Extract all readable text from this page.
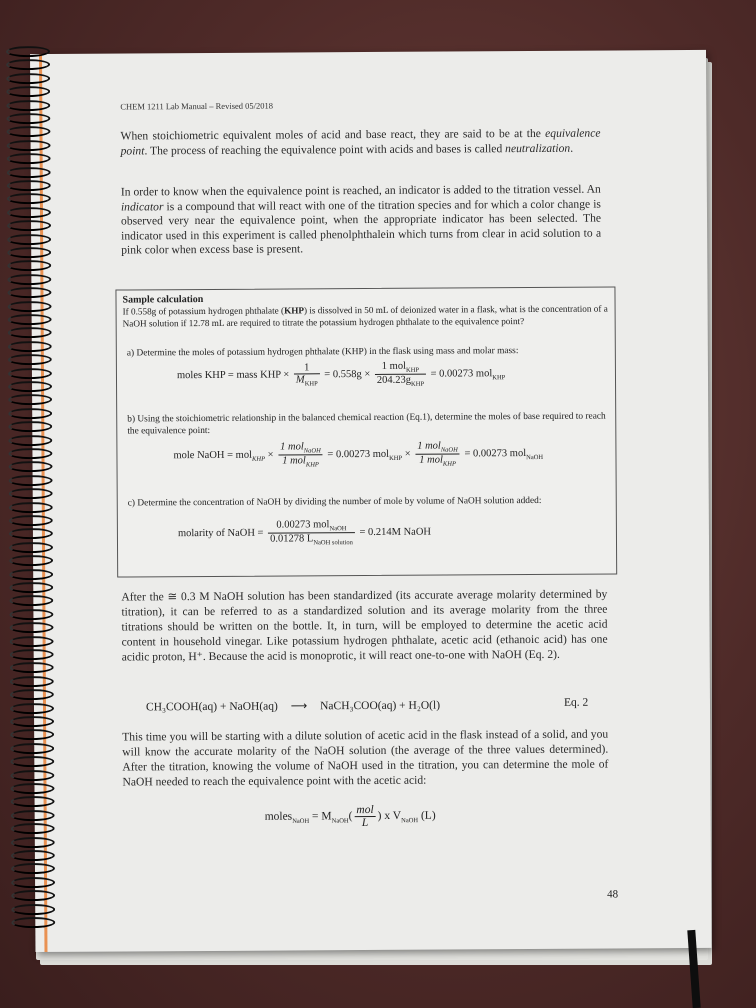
CHEM 1211 Lab Manual – Revised 05/2018
When stoichiometric equivalent moles of acid and base react, they are said to be at the equivalence point. The process of reaching the equivalence point with acids and bases is called neutralization.
In order to know when the equivalence point is reached, an indicator is added to the titration vessel. An indicator is a compound that will react with one of the titration species and for which a color change is observed very near the equivalence point, when the appropriate indicator has been selected. The indicator used in this experiment is called phenolphthalein which turns from clear in acid solution to a pink color when excess base is present.
Sample calculation
If 0.558g of potassium hydrogen phthalate (KHP) is dissolved in 50 mL of deionized water in a flask, what is the concentration of a NaOH solution if 12.78 mL are required to titrate the potassium hydrogen phthalate to the equivalence point?
a) Determine the moles of potassium hydrogen phthalate (KHP) in the flask using mass and molar mass:
moles KHP = mass KHP × $\frac{1}{M_{KHP}} = 0.558g \times \frac{1 mol_{KHP}}{204.23g_{KHP}} = 0.00273$ mol$_{KHP}$
b) Using the stoichiometric relationship in the balanced chemical reaction (Eq.1), determine the moles of base required to reach the equivalence point:
mole NaOH = $mol_{KHP} \times \frac{1 mol_{NaOH}}{1 mol_{KHP}} = 0.00273$ $mol_{KHP} \times \frac{1 mol_{NaOH}}{1 mol_{KHP}} = 0.00273$ mol$_{NaOH}$
c) Determine the concentration of NaOH by dividing the number of mole by volume of NaOH solution added:
molarity of NaOH = $\frac{0.00273 mol_{NaOH}}{0.01278 L_{NaOH solution}} = 0.214M$ NaOH
After the ≅ 0.3 M NaOH solution has been standardized (its accurate average molarity determined by titration), it can be referred to as a standardized solution and its average molarity from the three titrations should be written on the bottle. It, in turn, will be employed to determine the acetic acid content in household vinegar. Like potassium hydrogen phthalate, acetic acid (ethanoic acid) has one acidic proton, H⁺. Because the acid is monoprotic, it will react one-to-one with NaOH (Eq. 2).
CH₃COOH(aq) + NaOH(aq) ⟶ NaCH₃COO(aq) + H₂O(l)	Eq. 2
This time you will be starting with a dilute solution of acetic acid in the flask instead of a solid, and you will know the accurate molarity of the NaOH solution (the average of the three values determined). After the titration, knowing the volume of NaOH used in the titration, you can determine the mole of NaOH needed to reach the equivalence point with the acetic acid:
moles$_{NaOH}$ = $M_{NaOH}( \frac{\text{mol}}{L}$ ) x $V_{NaOH}$ (L)
48
